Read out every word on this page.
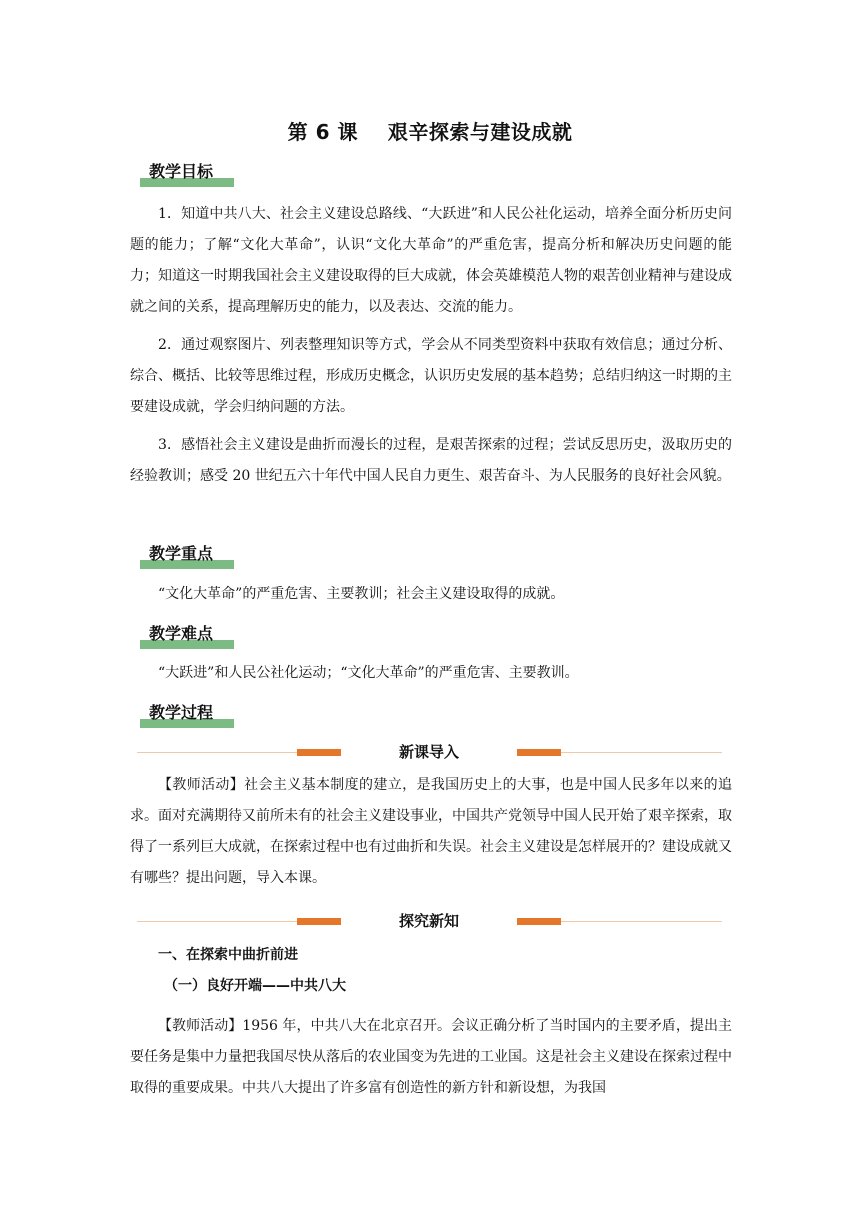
第 6 课    艰辛探索与建设成就
教学目标

1．知道中共八大、社会主义建设总路线、“大跃进”和人民公社化运动，培养全面分析历史问题的能力；了解“文化大革命”，认识“文化大革命”的严重危害，提高分析和解决历史问题的能力；知道这一时期我国社会主义建设取得的巨大成就，体会英雄模范人物的艰苦创业精神与建设成就之间的关系，提高理解历史的能力，以及表达、交流的能力。

2．通过观察图片、列表整理知识等方式，学会从不同类型资料中获取有效信息；通过分析、综合、概括、比较等思维过程，形成历史概念，认识历史发展的基本趋势；总结归纳这一时期的主要建设成就，学会归纳问题的方法。

3．感悟社会主义建设是曲折而漫长的过程，是艰苦探索的过程；尝试反思历史，汲取历史的经验教训；感受 20 世纪五六十年代中国人民自力更生、艰苦奋斗、为人民服务的良好社会风貌。

教学重点

“文化大革命”的严重危害、主要教训；社会主义建设取得的成就。

教学难点

“大跃进”和人民公社化运动；“文化大革命”的严重危害、主要教训。

教学过程
新课导入

【教师活动】社会主义基本制度的建立，是我国历史上的大事，也是中国人民多年以来的追求。面对充满期待又前所未有的社会主义建设事业，中国共产党领导中国人民开始了艰辛探索，取得了一系列巨大成就，在探索过程中也有过曲折和失误。社会主义建设是怎样展开的？建设成就又有哪些？提出问题，导入本课。

探究新知
一、在探索中曲折前进
（一）良好开端——中共八大

【教师活动】1956 年，中共八大在北京召开。会议正确分析了当时国内的主要矛盾，提出主要任务是集中力量把我国尽快从落后的农业国变为先进的工业国。这是社会主义建设在探索过程中取得的重要成果。中共八大提出了许多富有创造性的新方针和新设想，为我国
